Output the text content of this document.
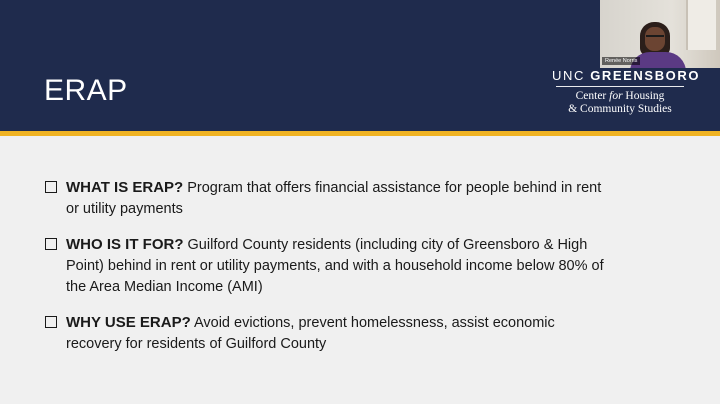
ERAP	UNC GREENSBORO
Center for Housing
& Community Studies
WHAT IS ERAP? Program that offers financial assistance for people behind in rent or utility payments
WHO IS IT FOR? Guilford County residents (including city of Greensboro & High Point) behind in rent or utility payments, and with a household income below 80% of the Area Median Income (AMI)
WHY USE ERAP? Avoid evictions, prevent homelessness, assist economic recovery for residents of Guilford County
Renée Norris
